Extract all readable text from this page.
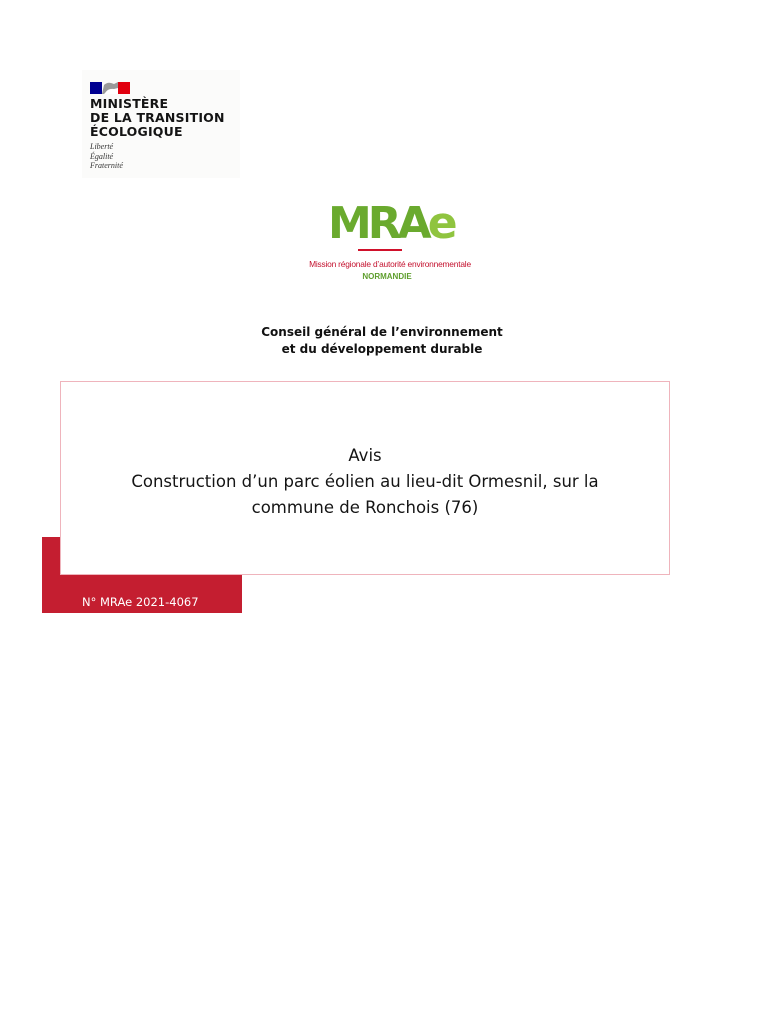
MINISTÈRE
DE LA TRANSITION
ÉCOLOGIQUE

Liberté
Égalité
Fraternité

MRAe
Mission régionale d’autorité environnementale
NORMANDIE
Conseil général de l’environnement
et du développement durable
Avis
Construction d’un parc éolien au lieu-dit Ormesnil, sur la
commune de Ronchois (76)
N° MRAe 2021-4067
